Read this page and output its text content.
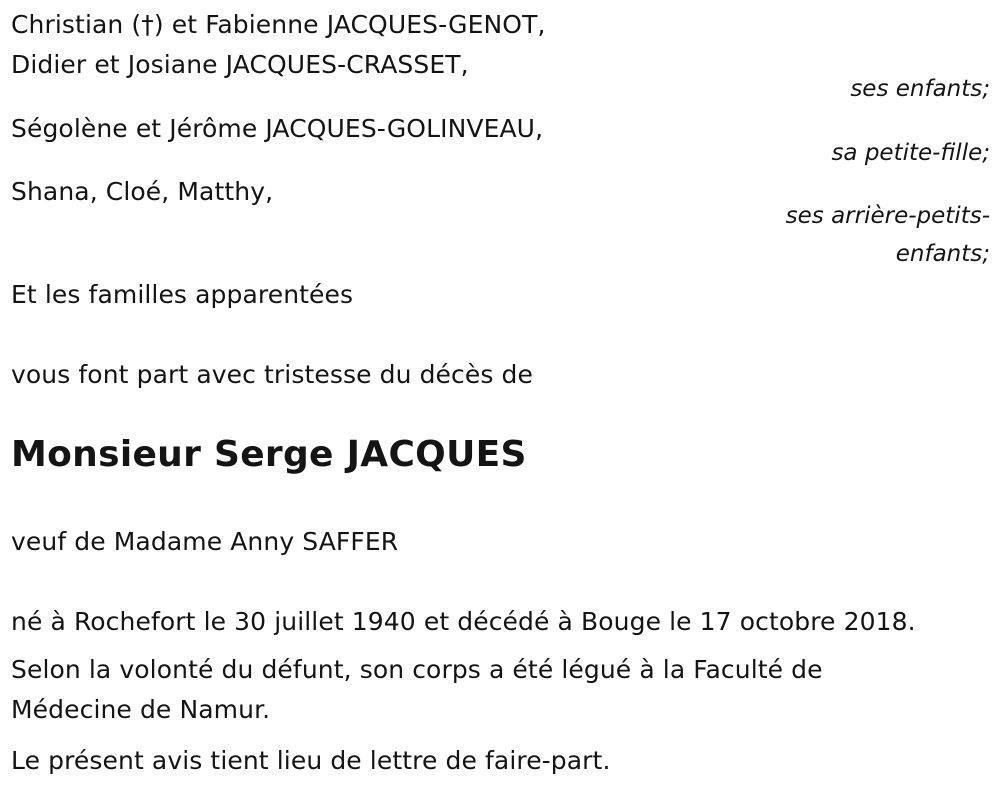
Christian (†) et Fabienne JACQUES-GENOT,
Didier et Josiane JACQUES-CRASSET,
ses enfants;
Ségolène et Jérôme JACQUES-GOLINVEAU,
sa petite-fille;
Shana, Cloé, Matthy,
ses arrière-petits-
enfants;
Et les familles apparentées
vous font part avec tristesse du décès de
Monsieur Serge JACQUES
veuf de Madame Anny SAFFER
né à Rochefort le 30 juillet 1940 et décédé à Bouge le 17 octobre 2018.
Selon la volonté du défunt, son corps a été légué à la Faculté de
Médecine de Namur.
Le présent avis tient lieu de lettre de faire-part.
